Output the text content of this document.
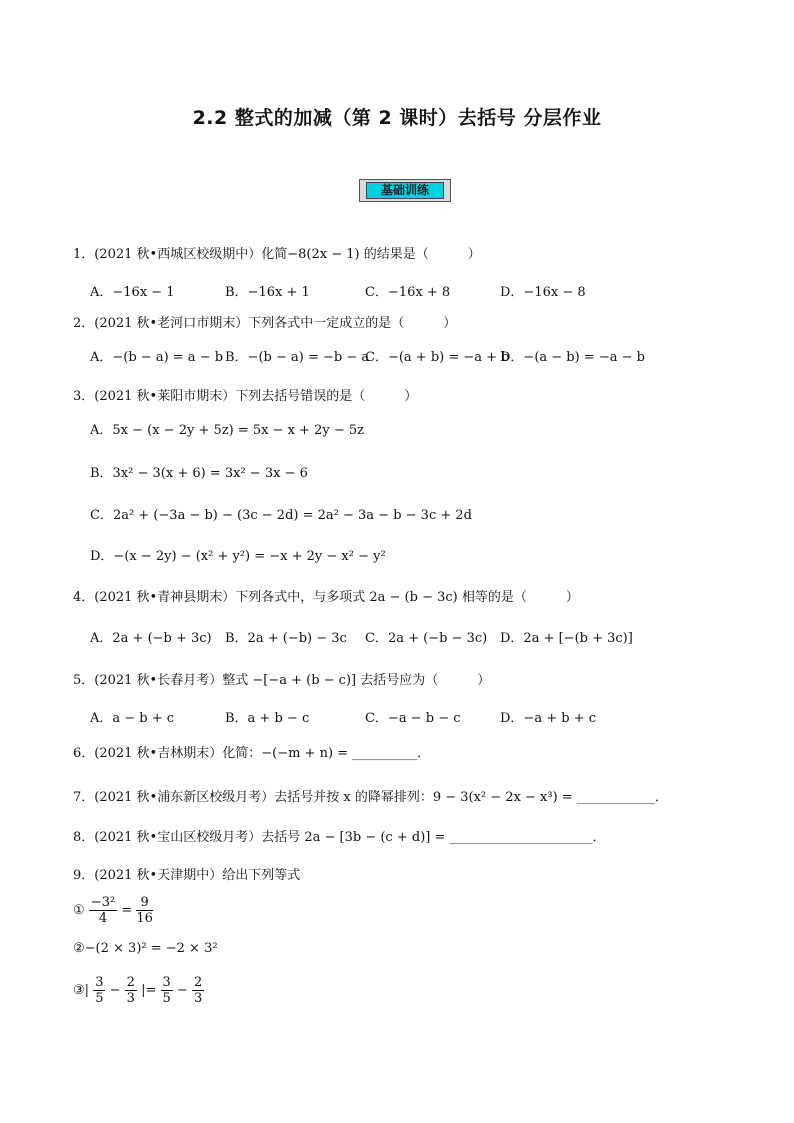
2.2 整式的加减（第 2 课时）去括号 分层作业
基础训练
1．(2021 秋•西城区校级期中）化简−8(2x − 1) 的结果是（　　　）
A．−16x − 1	B．−16x + 1	C．−16x + 8	D．−16x − 8
2．(2021 秋•老河口市期末）下列各式中一定成立的是（　　　）
A．−(b − a) = a − b B．−(b − a) = −b − a
C．−(a + b) = −a + b
D．−(a − b) = −a − b
3．(2021 秋•莱阳市期末）下列去括号错误的是（　　　）
A．5x − (x − 2y + 5z) = 5x − x + 2y − 5z
B．3x² − 3(x + 6) = 3x² − 3x − 6
C．2a² + (−3a − b) − (3c − 2d) = 2a² − 3a − b − 3c + 2d
D．−(x − 2y) − (x² + y²) = −x + 2y − x² − y²
4．(2021 秋•青神县期末）下列各式中，与多项式 2a − (b − 3c) 相等的是（　　　）
A．2a + (−b + 3c) B．2a + (−b) − 3c C．2a + (−b − 3c) D．2a + [−(b + 3c)]
5．(2021 秋•长春月考）整式 −[−a + (b − c)] 去括号应为（　　　）
A．a − b + c	B．a + b − c	C．−a − b − c	D．−a + b + c
6．(2021 秋•吉林期末）化简：−(−m + n) = __________．
7．(2021 秋•浦东新区校级月考）去括号并按 x 的降幂排列：9 − 3(x² − 2x − x³) = ____________．
8．(2021 秋•宝山区校级月考）去括号 2a − [3b − (c + d)] = ______________________．
9．(2021 秋•天津期中）给出下列等式
① $\frac{\text{−3²}}{4} = \frac{9}{16}$
②−(2 × 3)² = −2 × 3²
③| $\frac{3}{5} - \frac{2}{3}$ |= $\frac{3}{5} - \frac{2}{3}$
